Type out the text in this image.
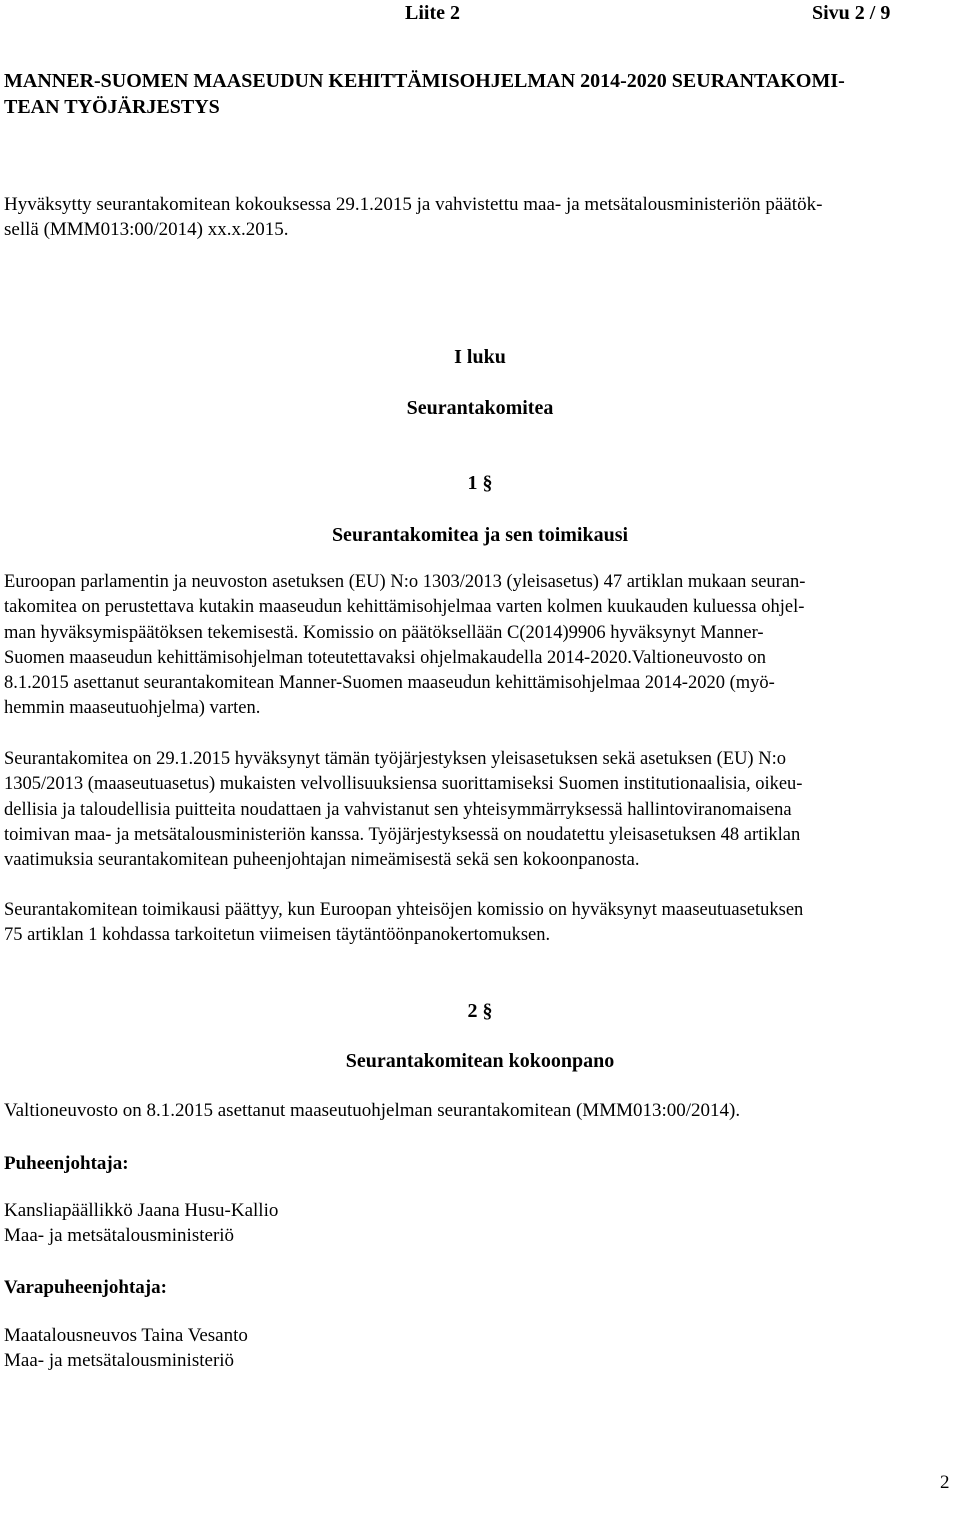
Liite 2	Sivu 2 / 9
MANNER-SUOMEN MAASEUDUN KEHITTÄMISOHJELMAN 2014-2020 SEURANTAKOMI-
TEAN TYÖJÄRJESTYS
Hyväksytty seurantakomitean kokouksessa 29.1.2015 ja vahvistettu maa- ja metsätalousministeriön päätök-
sellä (MMM013:00/2014) xx.x.2015.
I luku
Seurantakomitea
1 §
Seurantakomitea ja sen toimikausi
Euroopan parlamentin ja neuvoston asetuksen (EU) N:o 1303/2013 (yleisasetus) 47 artiklan mukaan seuran-
takomitea on perustettava kutakin maaseudun kehittämisohjelmaa varten kolmen kuukauden kuluessa ohjel-
man hyväksymispäätöksen tekemisestä. Komissio on päätöksellään C(2014)9906 hyväksynyt Manner-
Suomen maaseudun kehittämisohjelman toteutettavaksi ohjelmakaudella 2014-2020.Valtioneuvosto on
8.1.2015 asettanut seurantakomitean Manner-Suomen maaseudun kehittämisohjelmaa 2014-2020 (myö-
hemmin maaseutuohjelma) varten.
Seurantakomitea on 29.1.2015 hyväksynyt tämän työjärjestyksen yleisasetuksen sekä asetuksen (EU) N:o
1305/2013 (maaseutuasetus) mukaisten velvollisuuksiensa suorittamiseksi Suomen institutionaalisia, oikeu-
dellisia ja taloudellisia puitteita noudattaen ja vahvistanut sen yhteisymmärryksessä hallintoviranomaisena
toimivan maa- ja metsätalousministeriön kanssa. Työjärjestyksessä on noudatettu yleisasetuksen 48 artiklan
vaatimuksia seurantakomitean puheenjohtajan nimeämisestä sekä sen kokoonpanosta.
Seurantakomitean toimikausi päättyy, kun Euroopan yhteisöjen komissio on hyväksynyt maaseutuasetuksen
75 artiklan 1 kohdassa tarkoitetun viimeisen täytäntöönpanokertomuksen.
2 §
Seurantakomitean kokoonpano
Valtioneuvosto on 8.1.2015 asettanut maaseutuohjelman seurantakomitean (MMM013:00/2014).
Puheenjohtaja:
Kansliapäällikkö Jaana Husu-Kallio
Maa- ja metsätalousministeriö
Varapuheenjohtaja:
Maatalousneuvos Taina Vesanto
Maa- ja metsätalousministeriö
2
